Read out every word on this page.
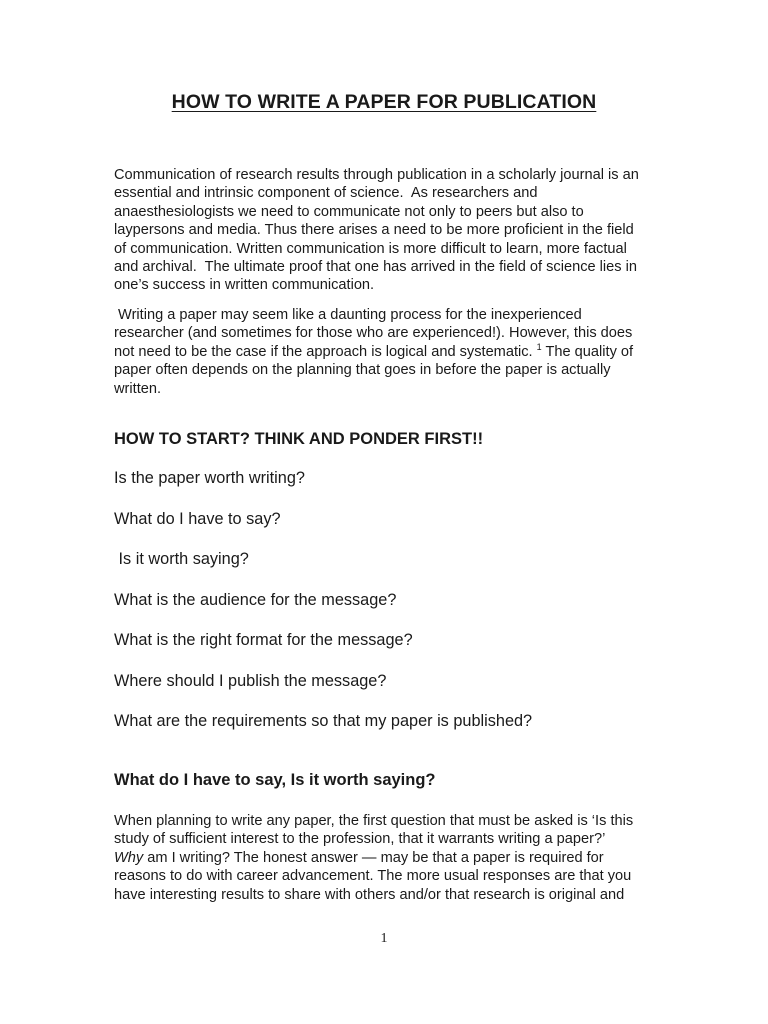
HOW TO WRITE A PAPER FOR PUBLICATION

Communication of research results through publication in a scholarly journal is an
essential and intrinsic component of science.  As researchers and
anaesthesiologists we need to communicate not only to peers but also to
laypersons and media. Thus there arises a need to be more proficient in the field
of communication. Written communication is more difficult to learn, more factual
and archival.  The ultimate proof that one has arrived in the field of science lies in
one’s success in written communication.

Writing a paper may seem like a daunting process for the inexperienced
researcher (and sometimes for those who are experienced!). However, this does
not need to be the case if the approach is logical and systematic. $^1$ The quality of
paper often depends on the planning that goes in before the paper is actually
written.

HOW TO START? THINK AND PONDER FIRST!!

Is the paper worth writing?

What do I have to say?

Is it worth saying?

What is the audience for the message?

What is the right format for the message?

Where should I publish the message?

What are the requirements so that my paper is published?

What do I have to say, Is it worth saying?

When planning to write any paper, the first question that must be asked is ‘Is this
study of sufficient interest to the profession, that it warrants writing a paper?’
Why am I writing? The honest answer — may be that a paper is required for
reasons to do with career advancement. The more usual responses are that you
have interesting results to share with others and/or that research is original and

1
